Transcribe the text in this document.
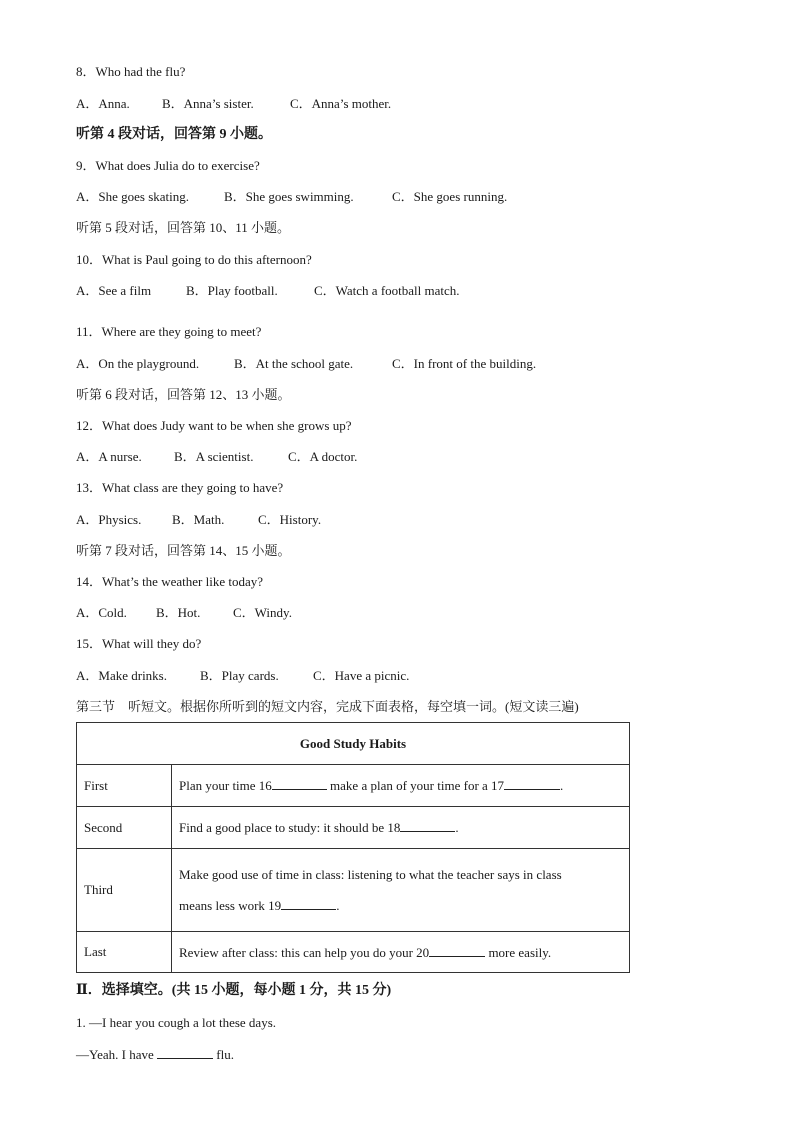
8．Who had the flu?
A．Anna. B．Anna’s sister.	C．Anna’s mother.
听第 4 段对话，回答第 9 小题。
9．What does Julia do to exercise?
A．She goes skating.	B．She goes swimming.	C．She goes running.
听第 5 段对话，回答第 10、11 小题。
10．What is Paul going to do this afternoon?
A．See a film	B．Play football.	C．Watch a football match.
11．Where are they going to meet?
A．On the playground.	B．At the school gate.	C．In front of the building.
听第 6 段对话，回答第 12、13 小题。
12．What does Judy want to be when she grows up?
A．A nurse. B．A scientist.	C．A doctor.
13．What class are they going to have?
A．Physics. B．Math.	C．History.
听第 7 段对话，回答第 14、15 小题。
14．What’s the weather like today?
A．Cold. B．Hot.	C．Windy.
15．What will they do?
A．Make drinks.	B．Play cards.	C．Have a picnic.
第三节　听短文。根据你所听到的短文内容，完成下面表格，每空填一词。(短文读三遍)
Good Study Habits	
First	Plan your time 16 make a plan of your time for a 17 .
Second	Find a good place to study: it should be 18 .
Third	Make good use of time in class: listening to what the teacher says in class
means less work 19 .
Last	Review after class: this can help you do your 20 more easily.
Ⅱ．选择填空。(共 15 小题，每小题 1 分，共 15 分)
1. —I hear you cough a lot these days.
—Yeah. I have	flu.
